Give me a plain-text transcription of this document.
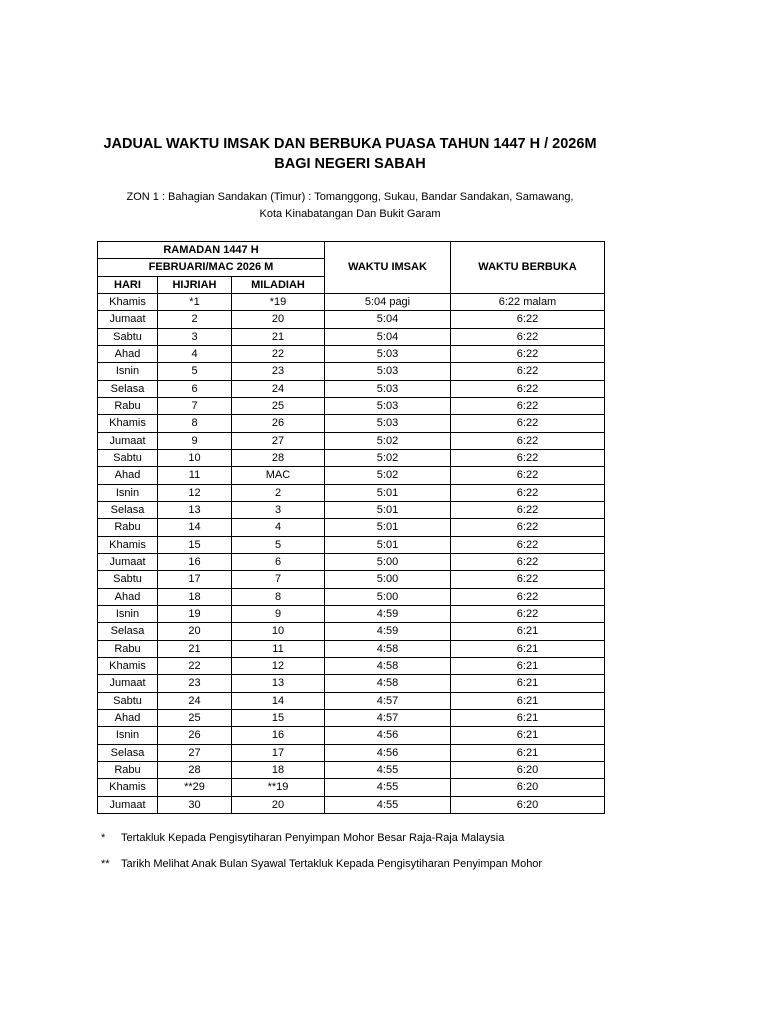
JADUAL WAKTU IMSAK DAN BERBUKA PUASA TAHUN 1447 H / 2026M
BAGI NEGERI SABAH
ZON 1 : Bahagian Sandakan (Timur) : Tomanggong, Sukau, Bandar Sandakan, Samawang,
Kota Kinabatangan Dan Bukit Garam
RAMADAN 1447 H			WAKTU IMSAK	WAKTU BERBUKA
FEBRUARI/MAC 2026 M				
HARI	HIJRIAH	MILADIAH		
Khamis	*1	*19	5:04 pagi	6:22 malam
Jumaat	2	20	5:04	6:22
Sabtu	3	21	5:04	6:22
Ahad	4	22	5:03	6:22
Isnin	5	23	5:03	6:22
Selasa	6	24	5:03	6:22
Rabu	7	25	5:03	6:22
Khamis	8	26	5:03	6:22
Jumaat	9	27	5:02	6:22
Sabtu	10	28	5:02	6:22
Ahad	11	MAC	5:02	6:22
Isnin	12	2	5:01	6:22
Selasa	13	3	5:01	6:22
Rabu	14	4	5:01	6:22
Khamis	15	5	5:01	6:22
Jumaat	16	6	5:00	6:22
Sabtu	17	7	5:00	6:22
Ahad	18	8	5:00	6:22
Isnin	19	9	4:59	6:22
Selasa	20	10	4:59	6:21
Rabu	21	11	4:58	6:21
Khamis	22	12	4:58	6:21
Jumaat	23	13	4:58	6:21
Sabtu	24	14	4:57	6:21
Ahad	25	15	4:57	6:21
Isnin	26	16	4:56	6:21
Selasa	27	17	4:56	6:21
Rabu	28	18	4:55	6:20
Khamis	**29	**19	4:55	6:20
Jumaat	30	20	4:55	6:20
* Tertakluk Kepada Pengisytiharan Penyimpan Mohor Besar Raja-Raja Malaysia
** Tarikh Melihat Anak Bulan Syawal Tertakluk Kepada Pengisytiharan Penyimpan Mohor
